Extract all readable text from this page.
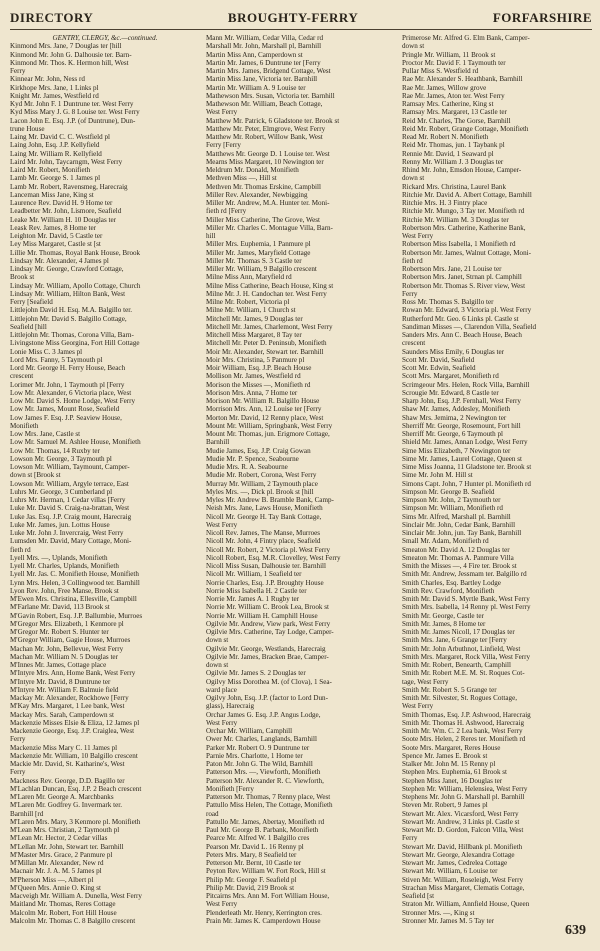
DIRECTORY	BROUGHTY-FERRY	FORFARSHIRE
GENTRY, CLERGY, &c.—continued.
Kinmond Mrs. Jane, 7 Douglas ter [hill
Kinmond Mr. John G. Dalhousie ter. Barn-
Kinmond Mr. Thos. K. Hermon hill, West
Ferry
Kinnear Mr. John, Ness rd
Kirkhope Mrs. Jane, 1 Links pl
Knight Mr. James, Westfield rd
Kyd Mr. John F. 1 Duntrune ter. West Ferry
Kyd Miss Mary J. G. 8 Louise ter. West Ferry
Lacon John E. Esq. J.P. (of Duntrune), Dun-
trune House
Laing Mr. David C. C. Westfield pl
Laing John, Esq. J.P. Kellyfield
Laing Mr. William R. Kellyfield
Laird Mr. John, Taycarngm, West Ferry
Laird Mr. Robert, Monifieth
Lamb Mr. George S. 1 James pl
Lamb Mr. Robert, Ravensmeg, Harecraig
Lanceman Miss Jane, King st
Laurence Rev. David H. 9 Home ter
Leadbetter Mr. John, Lismore, Seafield
Leake Mr. William H. 10 Douglas ter
Leask Rev. James, 8 Home ter
Leighton Mr. David, 5 Castle ter
Ley Miss Margaret, Castle st [st
Lillie Mr. Thomas, Royal Bank House, Brook
Lindsay Mr. Alexander, 4 James pl
Lindsay Mr. George, Crawford Cottage,
Brook st
Lindsay Mr. William, Apollo Cottage, Church
Lindsay Mr. William, Hilton Bank, West
Ferry [Seafield
Littlejohn David H. Esq. M.A. Balgillo ter.
Littlejohn Mr. David S. Balgillo Cottage,
Seafield [hill
Littlejohn Mr. Thomas, Corona Villa, Barn-
Livingstone Miss Georgina, Fort Hill Cottage
Lonie Miss C. 3 James pl
Lord Mrs. Fanny, 5 Taymouth pl
Lord Mr. George H. Ferry House, Beach
crescent
Lorimer Mr. John, 1 Taymouth pl [Ferry
Low Mr. Alexander, 6 Victoria place, West
Low Mr. David S. Home Lodge, West Ferry
Low Mr. James, Mount Rose, Seafield
Low James F. Esq. J.P. Seaview House,
Monifieth
Low Mrs. Jane, Castle st
Low Mr. Samuel M. Ashlee House, Monifieth
Low Mr. Thomas, 14 Ruxby ter
Lowson Mr. George, 3 Taymouth pl
Lowson Mr. William, Taymount, Camper-
down st [Brook st
Lowson Mr. William, Argyle terrace, East
Luhrs Mr. George, 3 Cumberland pl
Luhrs Mr. Herman, 1 Cedar villas [Ferry
Luke Mr. David S. Craig-na-brattan, West
Luke Jas. Esq. J.P. Craig mount, Harecraig
Luke Mr. James, jun. Lottus House
Luke Mr. John J. Invercraig, West Ferry
Lumsden Mr. David, Mary Cottage, Moni-
fieth rd
Lyell Mrs. —, Uplands, Monifieth
Lyell Mr. Charles, Uplands, Monifieth
Lyell Mr. Jas. C. Monifieth House, Monifieth
Lynn Mrs. Helen, 3 Collingwood ter. Barnhill
Lyon Rev. John, Free Manse, Brook st
M'Ewen Mrs. Christina, Ellesville, Campbill
M'Farlane Mr. David, 113 Brook st
M'Gavin Robert, Esq. J.P. Ballumbie, Murroes
M'Gregor Mrs. Elizabeth, 1 Kenmore pl
M'Gregor Mr. Robert S. Hunter ter
M'Gregor William, Gagie House, Murroes
Machan Mr. John, Bellevue, West Ferry
Machan Mr. William N. 5 Douglas ter
M'Innes Mr. James, Cottage place
M'Intyre Mrs. Ann, Home Bank, West Ferry
M'Intyre Mr. David, 8 Duntrune ter
M'Intyre Mr. William F. Balmuie field
Mackay Mr. Alexander, Rockhowe [Ferry
M'Kay Mrs. Margaret, 1 Lee bank, West
Mackay Mrs. Sarah, Camperdown st
Mackenzie Misses Elsie & Eliza, 12 James pl
Mackenzie George, Esq. J.P. Craiglea, West
Ferry
Mackenzie Miss Mary C. 11 James pl
Mackenzie Mr. William, 10 Balgillo crescent
Mackie Mr. David, St. Katharine's, West
Ferry
Mackness Rev. George, D.D. Bagillo ter
M'Lachlan Duncan, Esq. J.P. 2 Beach crescent
M'Laren Mr. George A. Marchbanks
M'Laren Mr. Godfrey G. Invermark ter.
Barnhill [rd
M'Laren Mrs. Mary, 3 Kenmore pl. Monifieth
M'Lean Mrs. Christian, 2 Taymouth pl
M'Lean Mr. Hector, 2 Cedar villas
M'Lellan Mr. John, Stewart ter. Barnhill
M'Master Mrs. Grace, 2 Panmure pl
M'Millan Mr. Alexander, New rd
Macnair Mr. J. A. M. 5 James pl
M'Pherson Miss —, Albert pl
M'Queen Mrs. Annie O. King st
Macveigh Mr. William A. Dunella, West Ferry
Maitland Mr. Thomas, Reres Cottage
Malcolm Mr. Robert, Fort Hill House
Malcolm Mr. Thomas C. 8 Balgillo crescent
Mann Mr. William, Cedar Villa, Cedar rd
Marshall Mr. John, Marshall pl, Barnhill
Martin Miss Ann, Camperdown st
Martin Mr. James, 6 Duntrune ter [Ferry
Martin Mrs. James, Bridgend Cottage, West
Martin Miss Jane, Victoria ter. Barnhill
Martin Mr. William A. 9 Louise ter
Mathewson Mrs. Susan, Victoria ter. Barnhill
Mathewson Mr. William, Beach Cottage,
West Ferry
Matthew Mr. Patrick, 6 Gladstone ter. Brook st
Matthew Mr. Peter, Elmgrove, West Ferry
Matthew Mr. Robert, Willow Bank, West
Ferry [Ferry
Matthews Mr. George D. 1 Louise ter. West
Mearns Miss Margaret, 10 Newington ter
Meldrum Mr. Donald, Monifieth
Methven Miss —, Hill st
Methven Mr. Thomas Erskine, Campbill
Miller Rev. Alexander, Newbigging
Miller Mr. Andrew, M.A. Hunter ter. Moni-
fieth rd [Ferry
Miller Miss Catherine, The Grove, West
Miller Mr. Charles C. Montague Villa, Barn-
hill
Miller Mrs. Euphemia, 1 Panmure pl
Miller Mr. James, Maryfield Cottage
Miller Mr. Thomas S. 3 Castle ter
Miller Mr. William, 9 Balgillo crescent
Milne Miss Ann, Maryfield rd
Milne Miss Catherine, Beach House, King st
Milne Mr. J. H. Candochan ter. West Ferry
Milne Mr. Robert, Victoria pl
Milne Mr. William, 1 Church st
Mitchell Mr. James, 9 Douglas ter
Mitchell Mr. James, Charlemont, West Ferry
Mitchell Miss Margaret, 8 Tay ter
Mitchell Mr. Peter D. Peninsub, Monifieth
Moir Mr. Alexander, Stewart ter. Barnhill
Moir Mrs. Christina, 5 Panmure pl
Moir William, Esq. J.P. Beach House
Mollison Mr. James, Westfield rd
Morison the Misses —, Monifieth rd
Morison Mrs. Anna, 7 Home ter
Morison Mr. William R. Balgillo House
Morrison Mrs. Ann, 12 Louise ter [Ferry
Morton Mr. David, 12 Renny place, West
Mount Mr. William, Springbank, West Ferry
Mount Mr. Thomas, jun. Erigmore Cottage,
Barnhill
Mudie James, Esq. J.P. Craig Gowan
Mudie Mr. P. Spence, Seabourne
Mudie Mrs. R. A. Seabourne
Mudie Mr. Robert, Corona, West Ferry
Murray Mr. William, 2 Taymouth place
Myles Mrs. —, Dick pl. Brook st [hill
Myles Mr. Andrew B. Bramble Bank, Camp-
Neish Mrs. Jane, Laws House, Monifieth
Nicoll Mr. George H. Tay Bank Cottage,
West Ferry
Nicoll Rev. James, The Manse, Murroes
Nicoll Mr. John, 4 Fintry place, Seafield
Nicoll Mr. Robert, 2 Victoria pl. West Ferry
Nicoll Robert, Esq. M.R. Clovelley, West Ferry
Nicoll Miss Susan, Dalhousie ter. Barnhill
Nicoll Mr. William, 1 Seafield ter
Norrie Charles, Esq. J.P. Broughty House
Norrie Miss Isabella H. 2 Castle ter
Norrie Mr. James A. 1 Rugby ter
Norrie Mr. William C. Brook Lea, Brook st
Norrie Mr. William H. Camphill House
Ogilvie Mr. Andrew, View park, West Ferry
Ogilvie Mrs. Catherine, Tay Lodge, Camper-
down st
Ogilvie Mr. George, Westlands, Harecraig
Ogilvie Mr. James, Bracken Brae, Camper-
down st
Ogilvie Mr. James S. 2 Douglas ter
Ogilvy Miss Dorothea M. (of Clova), 1 Sea-
ward place
Ogilvy John, Esq. J.P. (factor to Lord Dun-
glass), Harecraig
Orchar James G. Esq. J.P. Angus Lodge,
West Ferry
Orchar Mr. William, Camphill
Ower Mr. Charles, Langlands, Barnhill
Parker Mr. Robert O. 9 Duntrune ter
Parnie Mrs. Charlotte, 1 Home ter
Paton Mr. John G. The Wild, Barnhill
Patterson Mrs. —, Viewforth, Monifieth
Patterson Mr. Alexander R. C. Viewforth,
Monifieth [Ferry
Patterson Mr. Thomas, 7 Renny place, West
Pattullo Miss Helen, The Cottage, Monifieth
road
Pattullo Mr. James, Abertay, Monifieth rd
Paul Mr. George B. Parbank, Monifieth
Pearce Mr. Alfred W. 1 Balgillo cres
Pearson Mr. David L. 16 Renny pl
Peters Mrs. Mary, 8 Seafield ter
Petterson Mr. Bernt, 10 Castle ter
Peyton Rev. William W. Fort Rock, Hill st
Philip Mr. George F. Seafield pl
Philip Mr. David, 219 Brook st
Pitcairns Mrs. Ann M. Fort William House,
West Ferry
Plenderleath Mr. Henry, Kerrington cres.
Prain Mr. James K. Camperdown House
Primerose Mr. Alfred G. Elm Bank, Camper-
down st
Pringle Mr. William, 11 Brook st
Proctor Mr. David F. 1 Taymouth ter
Pullar Miss S. Westfield rd
Rae Mr. Alexander S. Heathbank, Barnhill
Rae Mr. James, Willow grove
Rae Mr. James, Aton ter. West Ferry
Ramsay Mrs. Catherine, King st
Ramsay Mrs. Margaret, 13 Castle ter
Reid Mr. Charles, The Gorse, Barnhill
Reid Mr. Robert, Grange Cottage, Monifieth
Read Mr. Robert N. Monifieth
Reid Mr. Thomas, jun. 1 Taybank pl
Rennie Mr. David, 1 Seaward pl
Renny Mr. William J. 3 Douglas ter
Rhind Mr. John, Emsdon House, Camper-
down st
Rickard Mrs. Christina, Laurel Bank
Ritchie Mr. David A. Albert Cottage, Barnhill
Ritchie Mrs. H. 3 Fintry place
Ritchie Mr. Mungo, 3 Tay ter. Monifieth rd
Ritchie Mr. William M. 3 Douglas ter
Robertson Mrs. Catherine, Katherine Bank,
West Ferry
Robertson Miss Isabella, 1 Monifieth rd
Robertson Mr. James, Walnut Cottage, Moni-
fieth rd
Robertson Mrs. Jane, 21 Louise ter
Robertson Mrs. Janet, Strnan pl. Camphill
Robertson Mr. Thomas S. River view, West
Ferry
Ross Mr. Thomas S. Balgillo ter
Rowan Mr. Edward, 3 Victoria pl. West Ferry
Rutherford Mr. Geo. 6 Links pl. Castle st
Sandiman Misses —, Clarendon Villa, Seafield
Sanders Mrs. Ann C. Beach House, Beach
crescent
Saunders Miss Emily, 6 Douglas ter
Scott Mr. David, Seafield
Scott Mr. Edwin, Seafield
Scott Mrs. Margaret, Monifieth rd
Scrimgeour Mrs. Helen, Rock Villa, Barnhill
Scrougie Mr. Edward, 8 Castle ter
Sharp John, Esq. J.P. Fernhall, West Ferry
Shaw Mr. James, Addesley, Monifieth
Shaw Mrs. Jemima, 2 Newington ter
Sherriff Mr. George, Rosemount, Fort hill
Sherriff Mr. George, 6 Taymouth pl
Shield Mr. James, Annan Lodge, West Ferry
Sime Miss Elizabeth, 7 Newington ter
Sime Mr. James, Laurel Cottage, Queen st
Sime Miss Joanna, 11 Gladstone ter. Brook st
Sime Mr. John M. Hill st
Simons Capt. John, 7 Hunter pl. Monifieth rd
Simpson Mr. George B. Seafield
Simpson Mr. John, 2 Taymouth ter
Simpson Mr. William, Monifieth rd
Sims Mr. Alfred, Marshall pl. Barnhill
Sinclair Mr. John, Cedar Bank, Barnhill
Sinclair Mr. John, jun. Tay Bank, Barnhill
Small Mr. Adam, Monifieth rd
Smeaton Mr. David A. 12 Douglas ter
Smeaton Mr. Thomas A. Panmure Villa
Smith the Misses —, 4 Fire ter. Brook st
Smith Mr. Andrew, Jessmam ter. Balgillo rd
Smith Charles, Esq. Bartley Lodge
Smith Rev. Crawford, Monifieth
Smith Mr. David S. Myrtle Bank, West Ferry
Smith Mrs. Isabella, 14 Renny pl. West Ferry
Smith Mr. George, Castle ter
Smith Mr. James, 8 Home ter
Smith Mr. James Nicoll, 17 Douglas ter
Smith Mrs. Jane, 6 Grange ter [Ferry
Smith Mr. John Arbuthnot, Linfield, West
Smith Mrs. Margaret, Rock Villa, West Ferry
Smith Mr. Robert, Benearth, Camphill
Smith Mr. Robert M.E. M. St. Roques Cot-
tage, West Ferry
Smith Mr. Robert S. 5 Grange ter
Smith Mr. Silvester, St. Rogues Cottage,
West Ferry
Smith Thomas, Esq. J.P. Ashwood, Harecraig
Smith Mr. Thomas H. Ashwood, Harecraig
Smith Mr. Wm. C. 2 Lea bank, West Ferry
Soote Mrs. Helen, 2 Reres ter. Monifieth rd
Soote Mrs. Margaret, Reres House
Spence Mr. James E. Brook st
Stalker Mr. John M. 15 Renny pl
Stephen Mrs. Euphemia, 61 Brook st
Stephen Miss Janet, 16 Douglas ter
Stephen Mr. William, Helensiea, West Ferry
Stephens Mr. John G. Marshall pl. Barnhill
Steven Mr. Robert, 9 James pl
Stewart Mr. Alex. Vicarsford, West Ferry
Stewart Mr. Andrew, 3 Links pl. Castle st
Stewart Mr. D. Gordon, Falcon Villa, West
Ferry
Stewart Mr. David, Hillbank pl. Monifieth
Stewart Mr. George, Alexandra Cottage
Stewart Mr. James, Cedrelea Cottage
Stewart Mr. William, 6 Louise ter
Stiven Mr. William, Roseleigh, West Ferry
Strachan Miss Margaret, Clematis Cottage,
Seafield [st
Straton Mr. William, Annfield House, Queen
Stronner Mrs. —, King st
Stronner Mr. James M. 5 Tay ter
639
